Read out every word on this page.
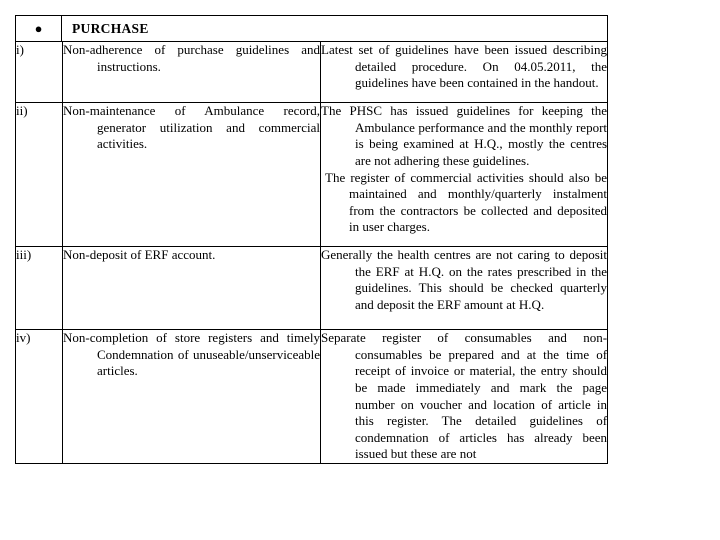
● PURCHASE		

i)	Non-adherence of purchase guidelines and instructions.	Latest set of guidelines have been issued describing detailed procedure. On 04.05.2011, the guidelines have been contained in the handout.

ii)	Non-maintenance of Ambulance record, generator utilization and commercial activities.	The PHSC has issued guidelines for keeping the Ambulance performance and the monthly report is being examined at H.Q., mostly the centres are not adhering these guidelines.

The register of commercial activities should also be maintained and monthly/quarterly instalment from the contractors be collected and deposited in user charges.

iii)	Non-deposit of ERF account.	Generally the health centres are not caring to deposit the ERF at H.Q. on the rates prescribed in the guidelines. This should be checked quarterly and deposit the ERF amount at H.Q.

iv)	Non-completion of store registers and timely Condemnation of unuseable/unserviceable articles.	Separate register of consumables and non-consumables be prepared and at the time of receipt of invoice or material, the entry should be made immediately and mark the page number on voucher and location of article in this register. The detailed guidelines of condemnation of articles has already been issued but these are not
